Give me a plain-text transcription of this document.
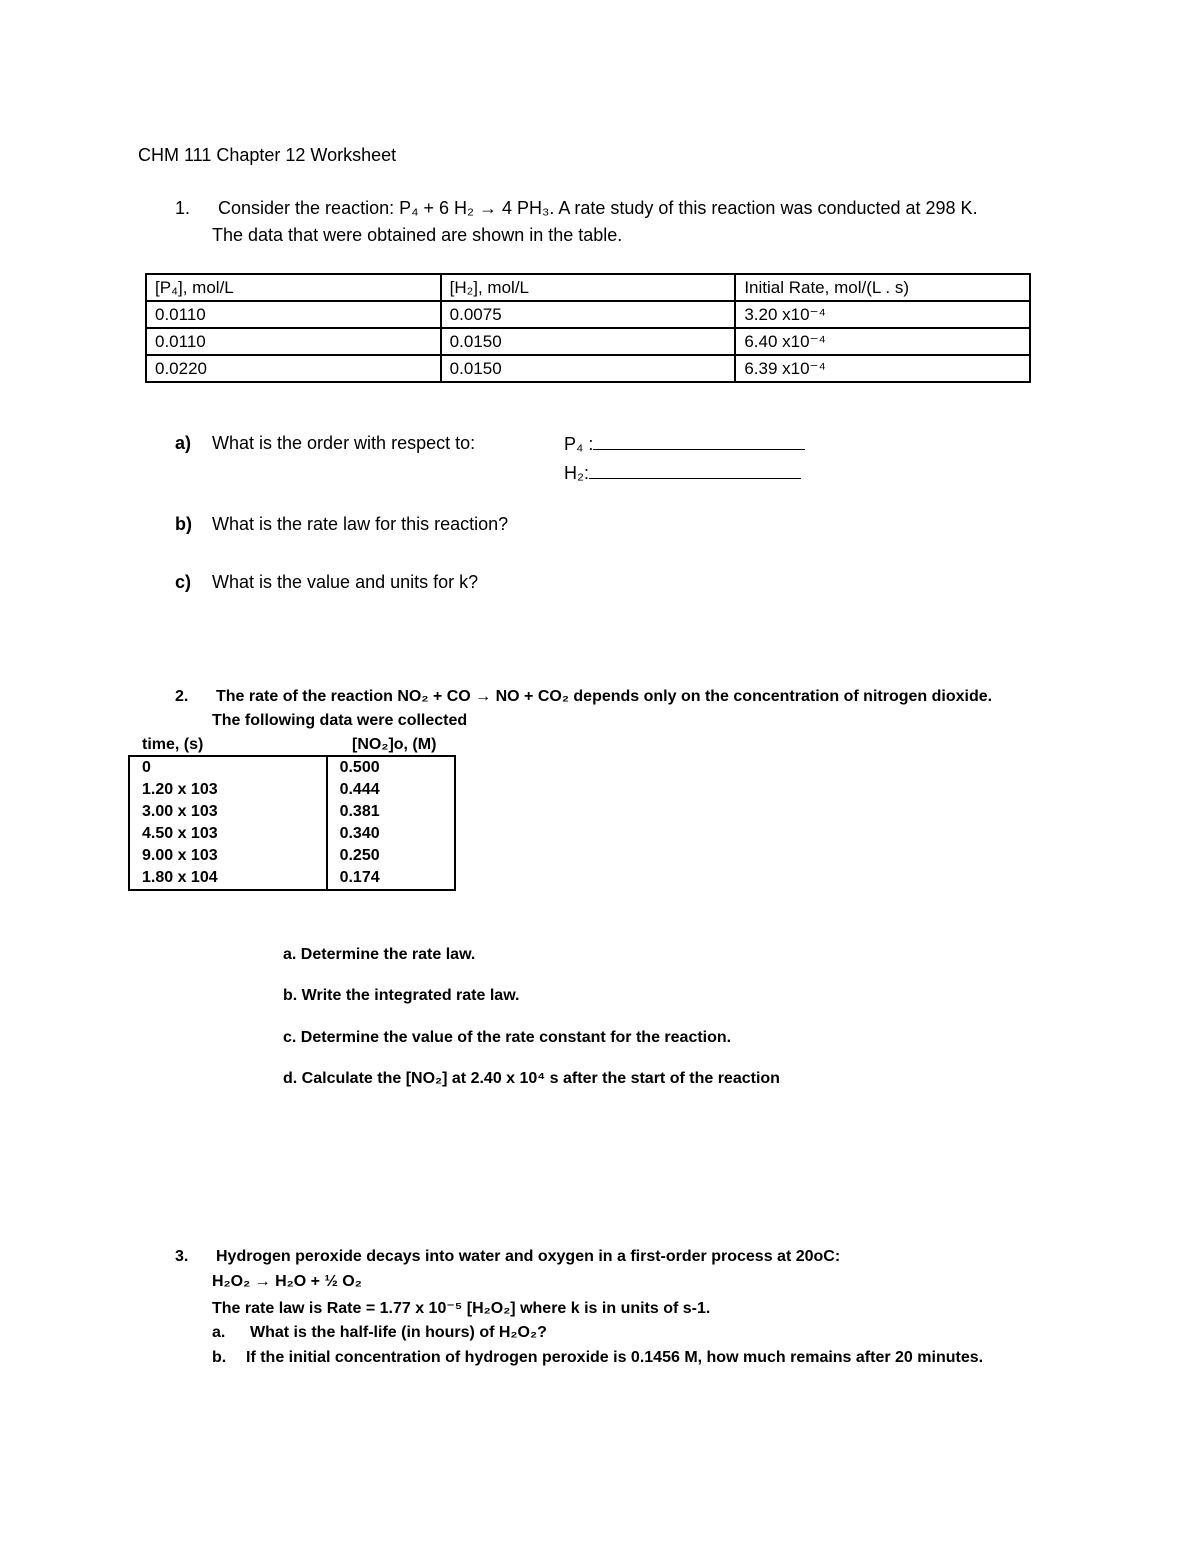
CHM 111 Chapter 12 Worksheet
1. Consider the reaction: P₄ + 6 H₂ → 4 PH₃. A rate study of this reaction was conducted at 298 K.
The data that were obtained are shown in the table.
[P₄], mol/L	[H₂], mol/L	Initial Rate, mol/(L . s)
0.0110	0.0075	3.20 x10⁻⁴
0.0110	0.0150	6.40 x10⁻⁴
0.0220	0.0150	6.39 x10⁻⁴
a) What is the order with respect to:	P₄ :
H₂:
b) What is the rate law for this reaction?
c) What is the value and units for k?
2. The rate of the reaction NO₂ + CO → NO + CO₂ depends only on the concentration of nitrogen dioxide.
The following data were collected
time, (s)	[NO₂]o, (M)
0	0.500
1.20 x 103	0.444
3.00 x 103	0.381
4.50 x 103	0.340
9.00 x 103	0.250
1.80 x 104	0.174
a. Determine the rate law.
b. Write the integrated rate law.
c. Determine the value of the rate constant for the reaction.
d. Calculate the [NO₂] at 2.40 x 10⁴ s after the start of the reaction
3. Hydrogen peroxide decays into water and oxygen in a first-order process at 20oC:
H₂O₂ → H₂O + ½ O₂
The rate law is Rate = 1.77 x 10⁻⁵ [H₂O₂] where k is in units of s-1.
a. What is the half-life (in hours) of H₂O₂?
b. If the initial concentration of hydrogen peroxide is 0.1456 M, how much remains after 20 minutes.
